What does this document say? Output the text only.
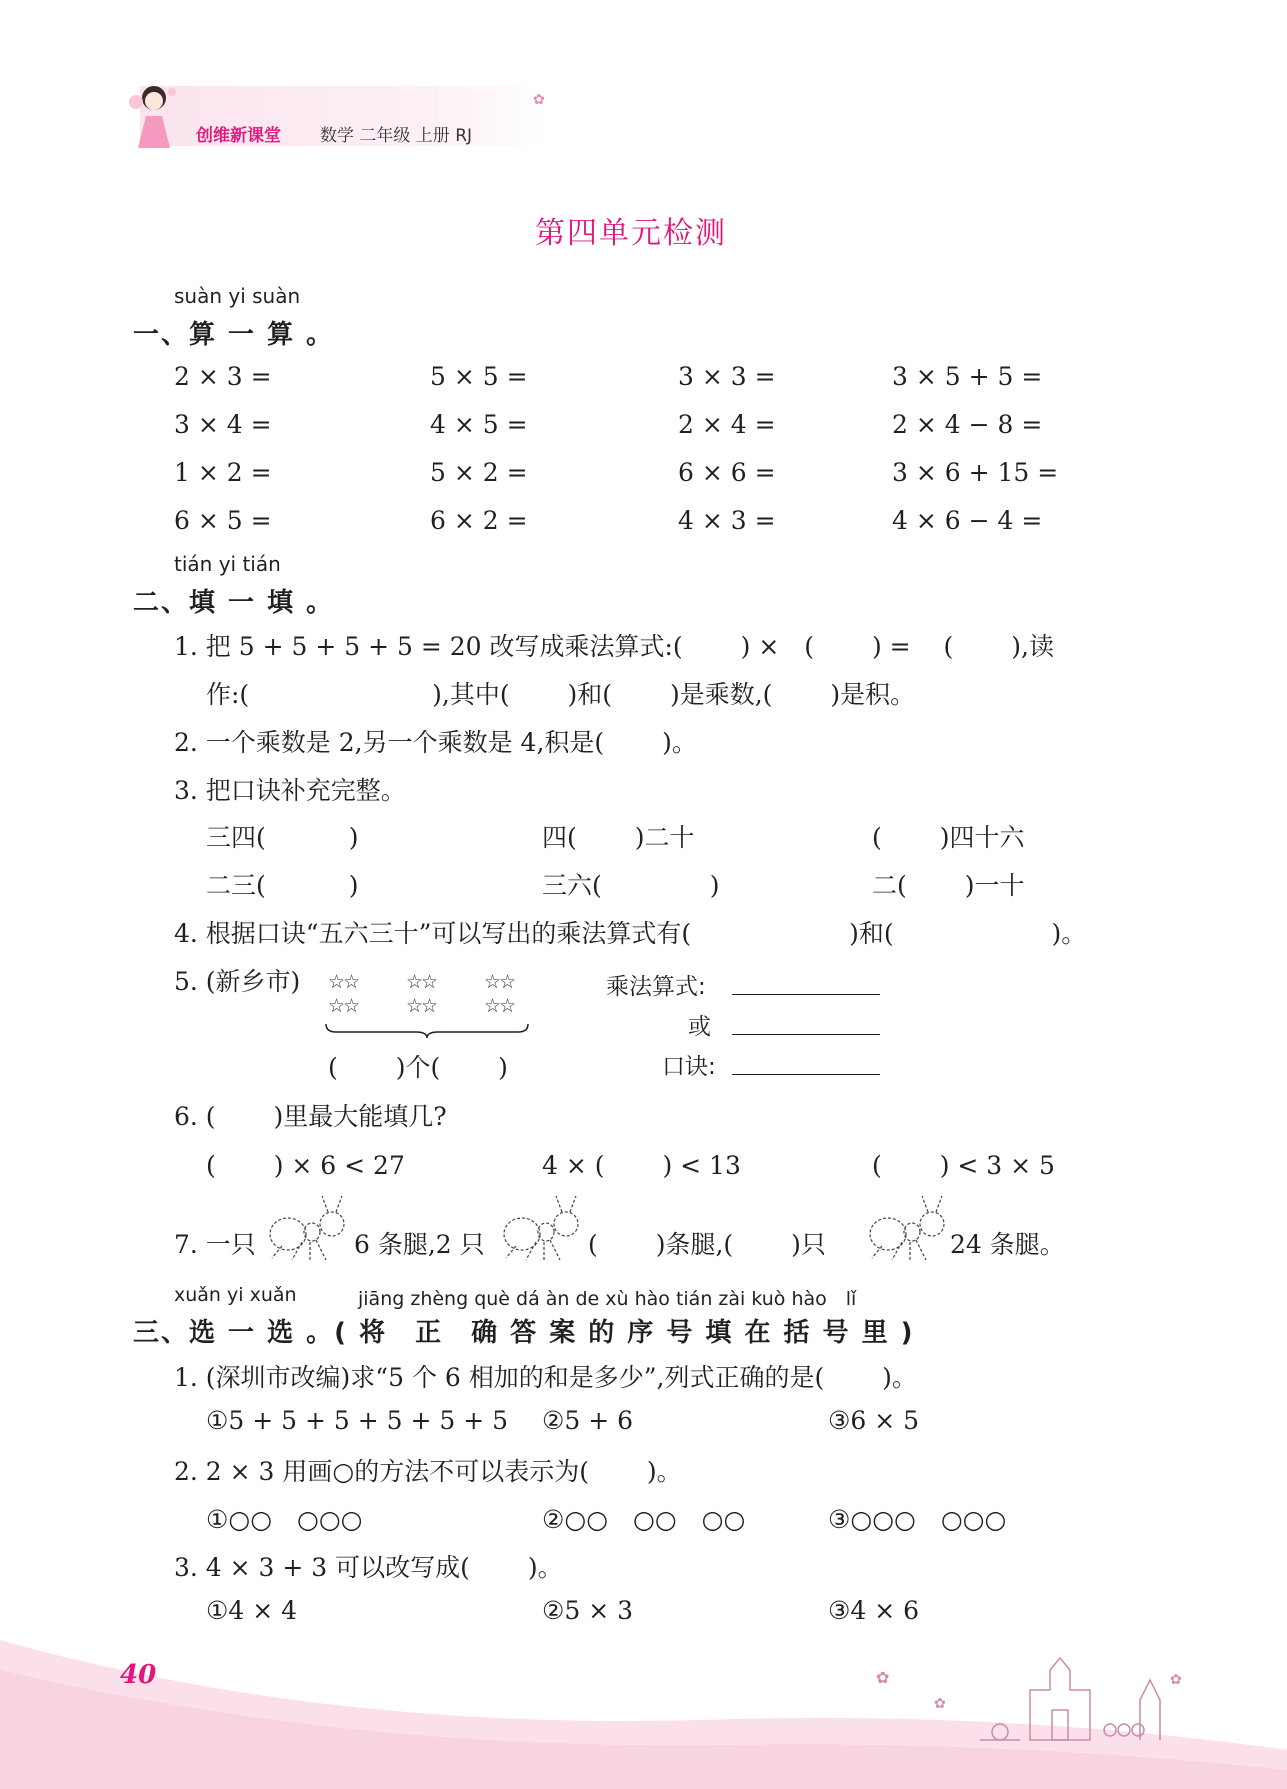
创维新课堂 数学 二年级 上册 RJ
✿
第四单元检测
suàn yi suàn
一、算 一 算 。
2 × 3 =	5 × 5 =	3 × 3 =	3 × 5 + 5 =
3 × 4 =	4 × 5 =	2 × 4 =	2 × 4 − 8 =
1 × 2 =	5 × 2 =	6 × 6 =	3 × 6 + 15 =
6 × 5 =	6 × 2 =	4 × 3 =	4 × 6 − 4 =
tián yi tián
二、填 一 填 。
1. 把 5 + 5 + 5 + 5 = 20 改写成乘法算式:(　　 ) ×　(　　 ) = 　(　　 ),读
作:(　　　　　　　 ),其中(　　 )和(　　 )是乘数,(　　 )是积。
2. 一个乘数是 2,另一个乘数是 4,积是(　　 )。
3. 把口诀补充完整。
三四(　　　 )	四(　　 )二十	(　　 )四十六
二三(　　　 )	三六(　　　　 )	二(　　 )一十
4. 根据口诀“五六三十”可以写出的乘法算式有(　　　　　　 )和(　　　　　　 )。
5. (新乡市) ☆☆
☆☆
☆☆
☆☆
☆☆
☆☆
(　　 )个(　　 )
乘法算式:
或
口诀:
6. (　　 )里最大能填几?
(　　 ) × 6 < 27	4 × (　　 ) < 13	(　　 ) < 3 × 5
7. 一只	6 条腿,2 只	(　　 )条腿,(　　 )只	24 条腿。
xuǎn yi xuǎn	jiāng zhèng què dá àn de xù hào tián zài kuò hào　lǐ
三、选 一 选 。( 将　正　确 答 案 的 序 号 填 在 括 号 里 )
1. (深圳市改编)求“5 个 6 相加的和是多少”,列式正确的是(　　 )。
①5 + 5 + 5 + 5 + 5 + 5 ②5 + 6	③6 × 5
2. 2 × 3 用画○的方法不可以表示为(　　 )。
①○○　○○○	②○○　○○　○○	③○○○　○○○
3. 4 × 3 + 3 可以改写成(　　 )。
①4 × 4	②5 × 3	③4 × 6
40	✿
✿
✿
